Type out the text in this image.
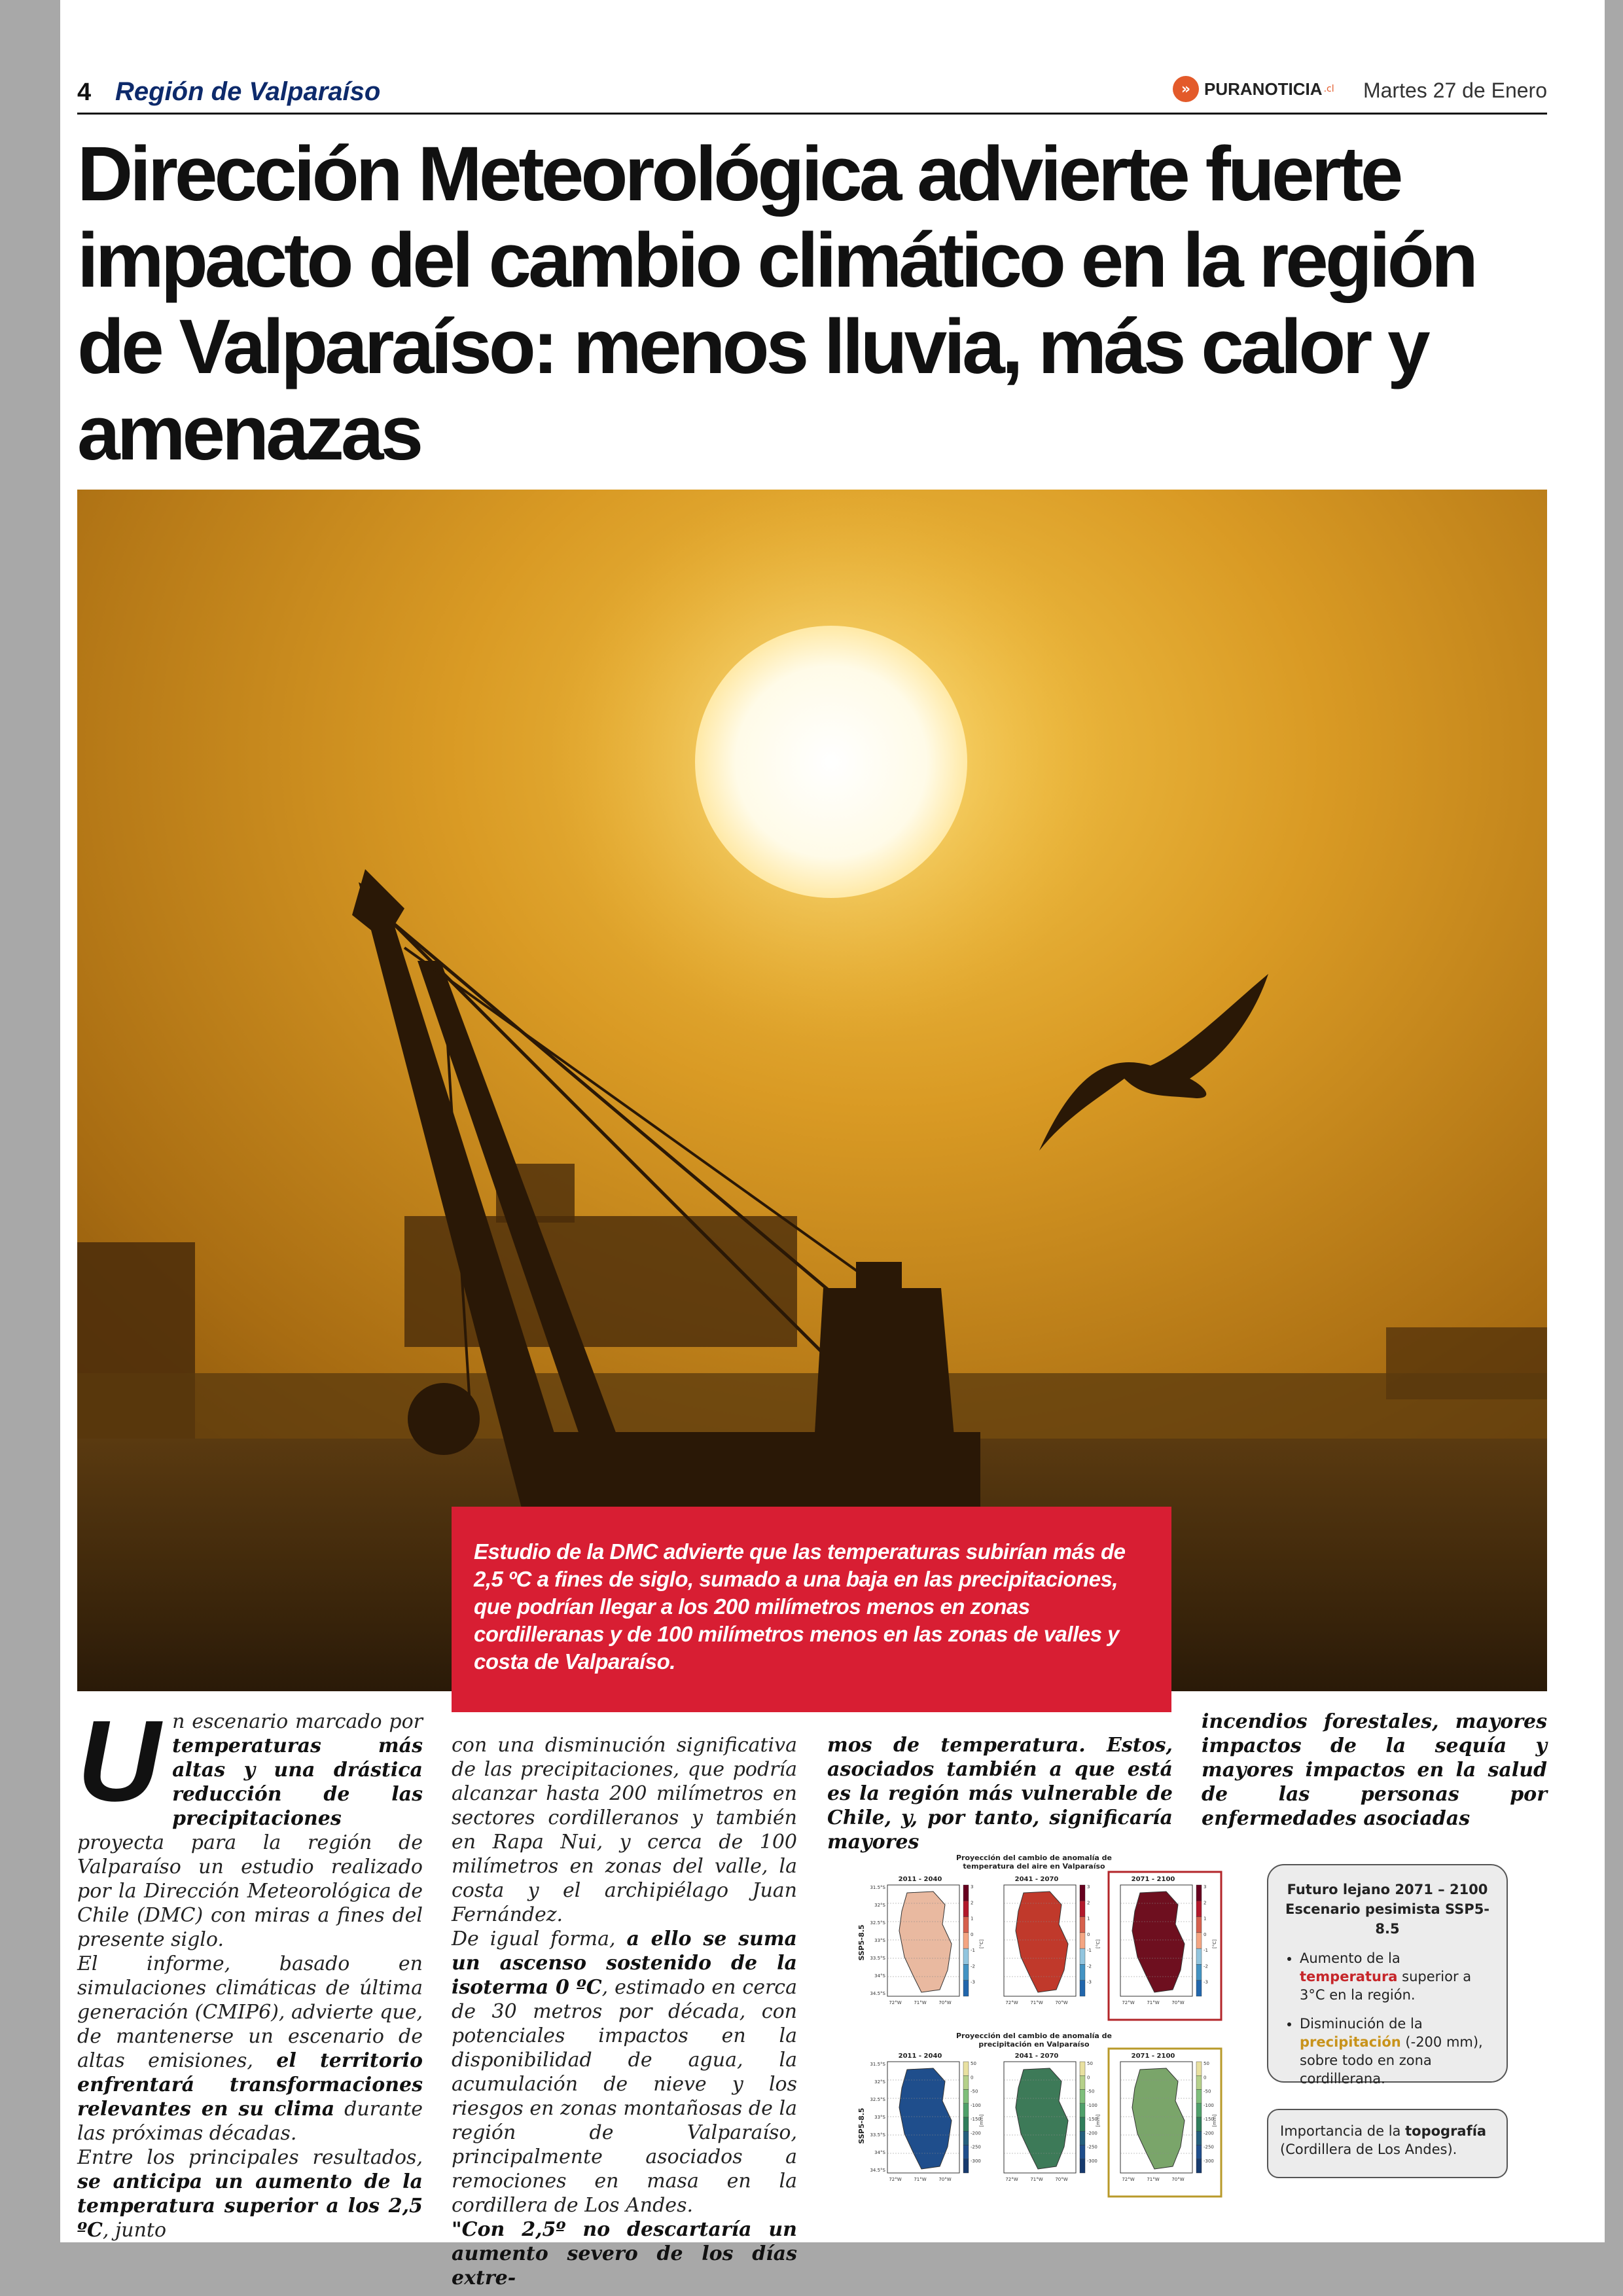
4 Región de Valparaíso	» PURANOTICIA .cl Martes 27 de Enero
Dirección Meteorológica advierte fuerte impacto del cambio climático en la región de Valparaíso: menos lluvia, más calor y amenazas
Estudio de la DMC advierte que las temperaturas subirían más de 2,5 ºC a fines de siglo, sumado a una baja en las precipitaciones, que podrían llegar a los 200 milímetros menos en zonas cordilleranas y de 100 milímetros menos en las zonas de valles y costa de Valparaíso.
U n escenario marcado por temperaturas más altas y una drástica reducción de las precipitaciones proyecta para la región de Valparaíso un estudio realizado por la Dirección Meteorológica de Chile (DMC) con miras a fines del presente siglo.

El informe, basado en simulaciones climáticas de última generación (CMIP6), advierte que, de mantenerse un escenario de altas emisiones, el territorio enfrentará transformaciones relevantes en su clima durante las próximas décadas.

Entre los principales resultados, se anticipa un aumento de la temperatura superior a los 2,5 ºC, junto

con una disminución significativa de las precipitaciones, que podría alcanzar hasta 200 milímetros en sectores cordilleranos y también en Rapa Nui, y cerca de 100 milímetros en zonas del valle, la costa y el archipiélago Juan Fernández.

De igual forma, a ello se suma un ascenso sostenido de la isoterma 0 ºC, estimado en cerca de 30 metros por década, con potenciales impactos en la disponibilidad de agua, la acumulación de nieve y los riesgos en zonas montañosas de la región de Valparaíso, principalmente asociados a remociones en masa en la cordillera de Los Andes.

"Con 2,5º no descartaría un aumento severo de los días extre-

mos de temperatura. Estos, asociados también a que está es la región más vulnerable de Chile, y, por tanto, significaría mayores

incendios forestales, mayores impactos de la sequía y mayores impactos en la salud de las personas por enfermedades asociadas

Proyección del cambio de anomalía de
temperatura del aire en Valparaíso
Proyección del cambio de anomalía de
precipitación en Valparaíso
SSP5-8.5
SSP5-8.5
2011 - 2040
31.5°S
32°S
32.5°S
33°S
33.5°S
34°S
34.5°S
72°W	71°W	70°W
3
2
1
0
-1
-2
-3
[°C]
2041 - 2070
72°W	71°W	70°W
3
2
1
0
-1
-2
-3
[°C]
2071 - 2100
72°W	71°W	70°W
3
2
1
0
-1
-2
-3
[°C]
2011 - 2040
31.5°S
32°S
32.5°S
33°S
33.5°S
34°S
34.5°S
72°W	71°W	70°W
50
0
-50
-100
-150
-200
-250
-300
[mm]
2041 - 2070
72°W	71°W	70°W
50
0
-50
-100
-150
-200
-250
-300
[mm]
2071 - 2100
72°W	71°W	70°W
50
0
-50
-100
-150
-200
-250
-300
[mm]
Futuro lejano 2071 – 2100
Escenario pesimista SSP5-8.5
• Aumento de la temperatura superior a 3°C en la región.
• Disminución de la precipitación (-200 mm), sobre todo en zona cordillerana.
Importancia de la topografía (Cordillera de Los Andes).
